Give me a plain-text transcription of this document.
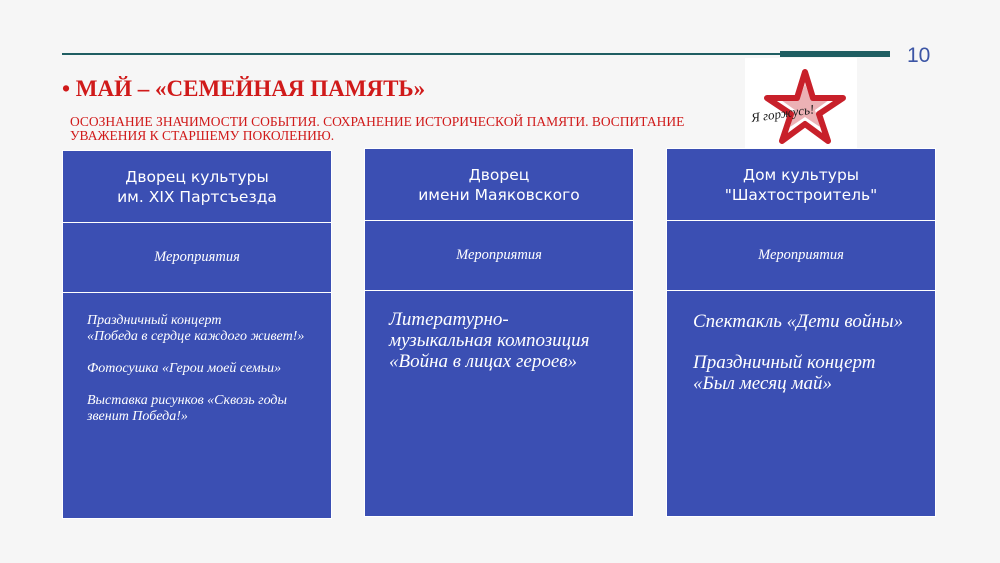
10
• МАЙ – «СЕМЕЙНАЯ ПАМЯТЬ»
ОСОЗНАНИЕ ЗНАЧИМОСТИ СОБЫТИЯ. СОХРАНЕНИЕ ИСТОРИЧЕСКОЙ ПАМЯТИ. ВОСПИТАНИЕ УВАЖЕНИЯ К СТАРШЕМУ ПОКОЛЕНИЮ.
Я горжусь!
Дворец культуры
им. XIX Партсъезда
Мероприятия
Праздничный концерт
«Победа в сердце каждого живет!»
Фотосушка «Герои моей семьи»
Выставка рисунков «Сквозь годы звенит Победа!»
Дворец
имени Маяковского
Мероприятия
Литературно-музыкальная композиция «Война в лицах героев»
Дом культуры
"Шахтостроитель"
Мероприятия
Спектакль «Дети войны»
Праздничный концерт «Был месяц май»
